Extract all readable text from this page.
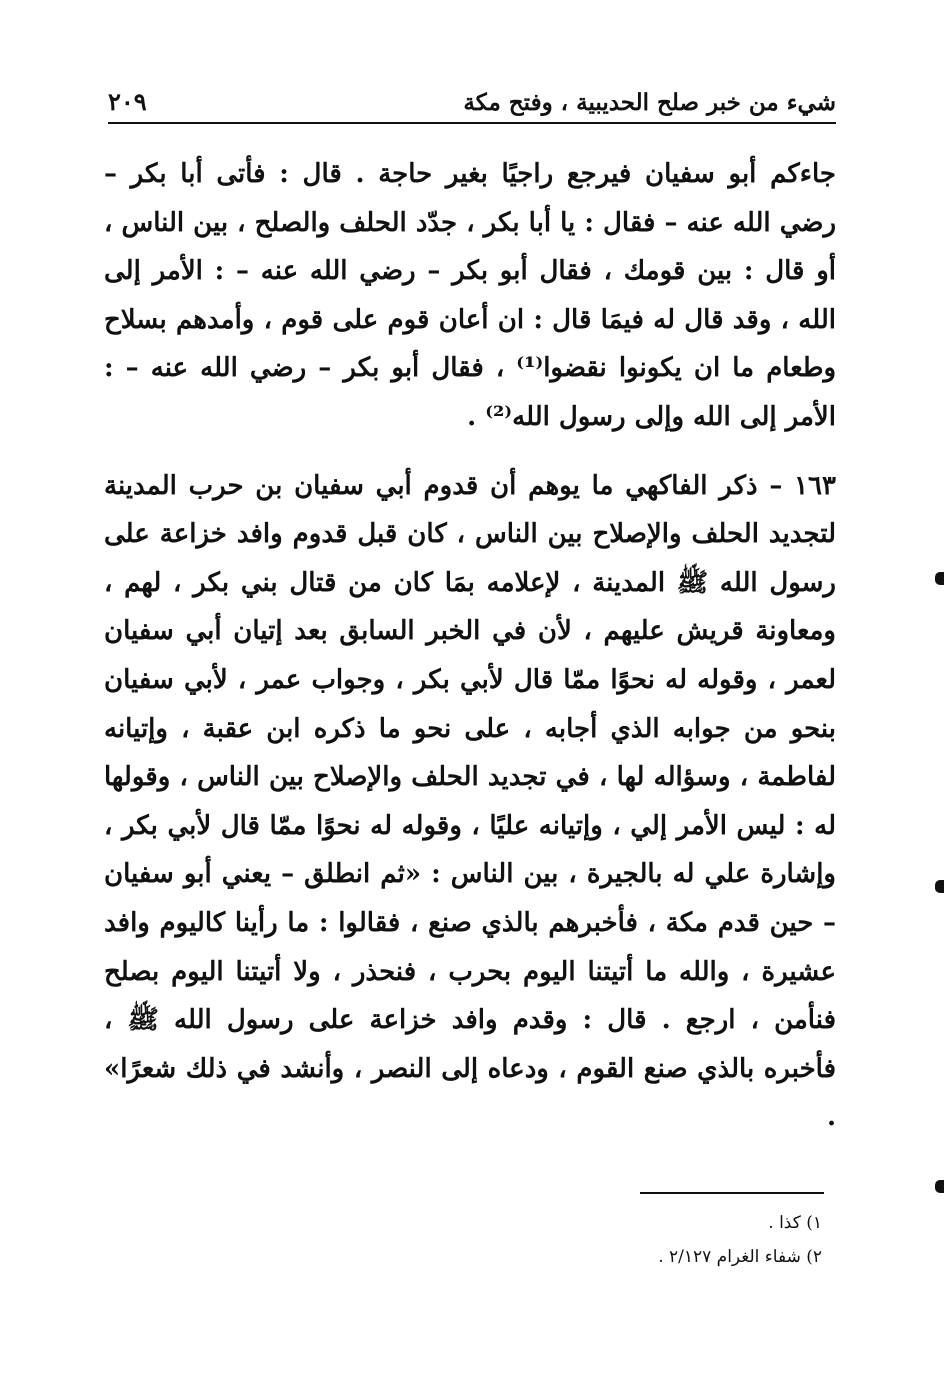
شيء من خبر صلح الحديبية ، وفتح مكة
٢٠٩

جاءكم أبو سفيان فيرجع راجيًا بغير حاجة . قال : فأتى أبا بكر – رضي الله عنه – فقال : يا أبا بكر ، جدّد الحلف والصلح ، بين الناس ، أو قال : بين قومك ، فقال أبو بكر – رضي الله عنه – : الأمر إلى الله ، وقد قال له فيمَا قال : ان أعان قوم على قوم ، وأمدهم بسلاح وطعام ما ان يكونوا نقضوا⁽¹⁾ ، فقال أبو بكر – رضي الله عنه – : الأمر إلى الله وإلى رسول الله⁽²⁾ .

١٦٣ – ذكر الفاكهي ما يوهم أن قدوم أبي سفيان بن حرب المدينة لتجديد الحلف والإصلاح بين الناس ، كان قبل قدوم وافد خزاعة على رسول الله ﷺ المدينة ، لإعلامه بمَا كان من قتال بني بكر ، لهم ، ومعاونة قريش عليهم ، لأن في الخبر السابق بعد إتيان أبي سفيان لعمر ، وقوله له نحوًا ممّا قال لأبي بكر ، وجواب عمر ، لأبي سفيان بنحو من جوابه الذي أجابه ، على نحو ما ذكره ابن عقبة ، وإتيانه لفاطمة ، وسؤاله لها ، في تجديد الحلف والإصلاح بين الناس ، وقولها له : ليس الأمر إلي ، وإتيانه عليًا ، وقوله له نحوًا ممّا قال لأبي بكر ، وإشارة علي له بالجيرة ، بين الناس : «ثم انطلق – يعني أبو سفيان – حين قدم مكة ، فأخبرهم بالذي صنع ، فقالوا : ما رأينا كاليوم وافد عشيرة ، والله ما أتيتنا اليوم بحرب ، فنحذر ، ولا أتيتنا اليوم بصلح فنأمن ، ارجع . قال : وقدم وافد خزاعة على رسول الله ﷺ ، فأخبره بالذي صنع القوم ، ودعاه إلى النصر ، وأنشد في ذلك شعرًا» .

١) كذا .

٢) شفاء الغرام ٢/١٢٧ .
